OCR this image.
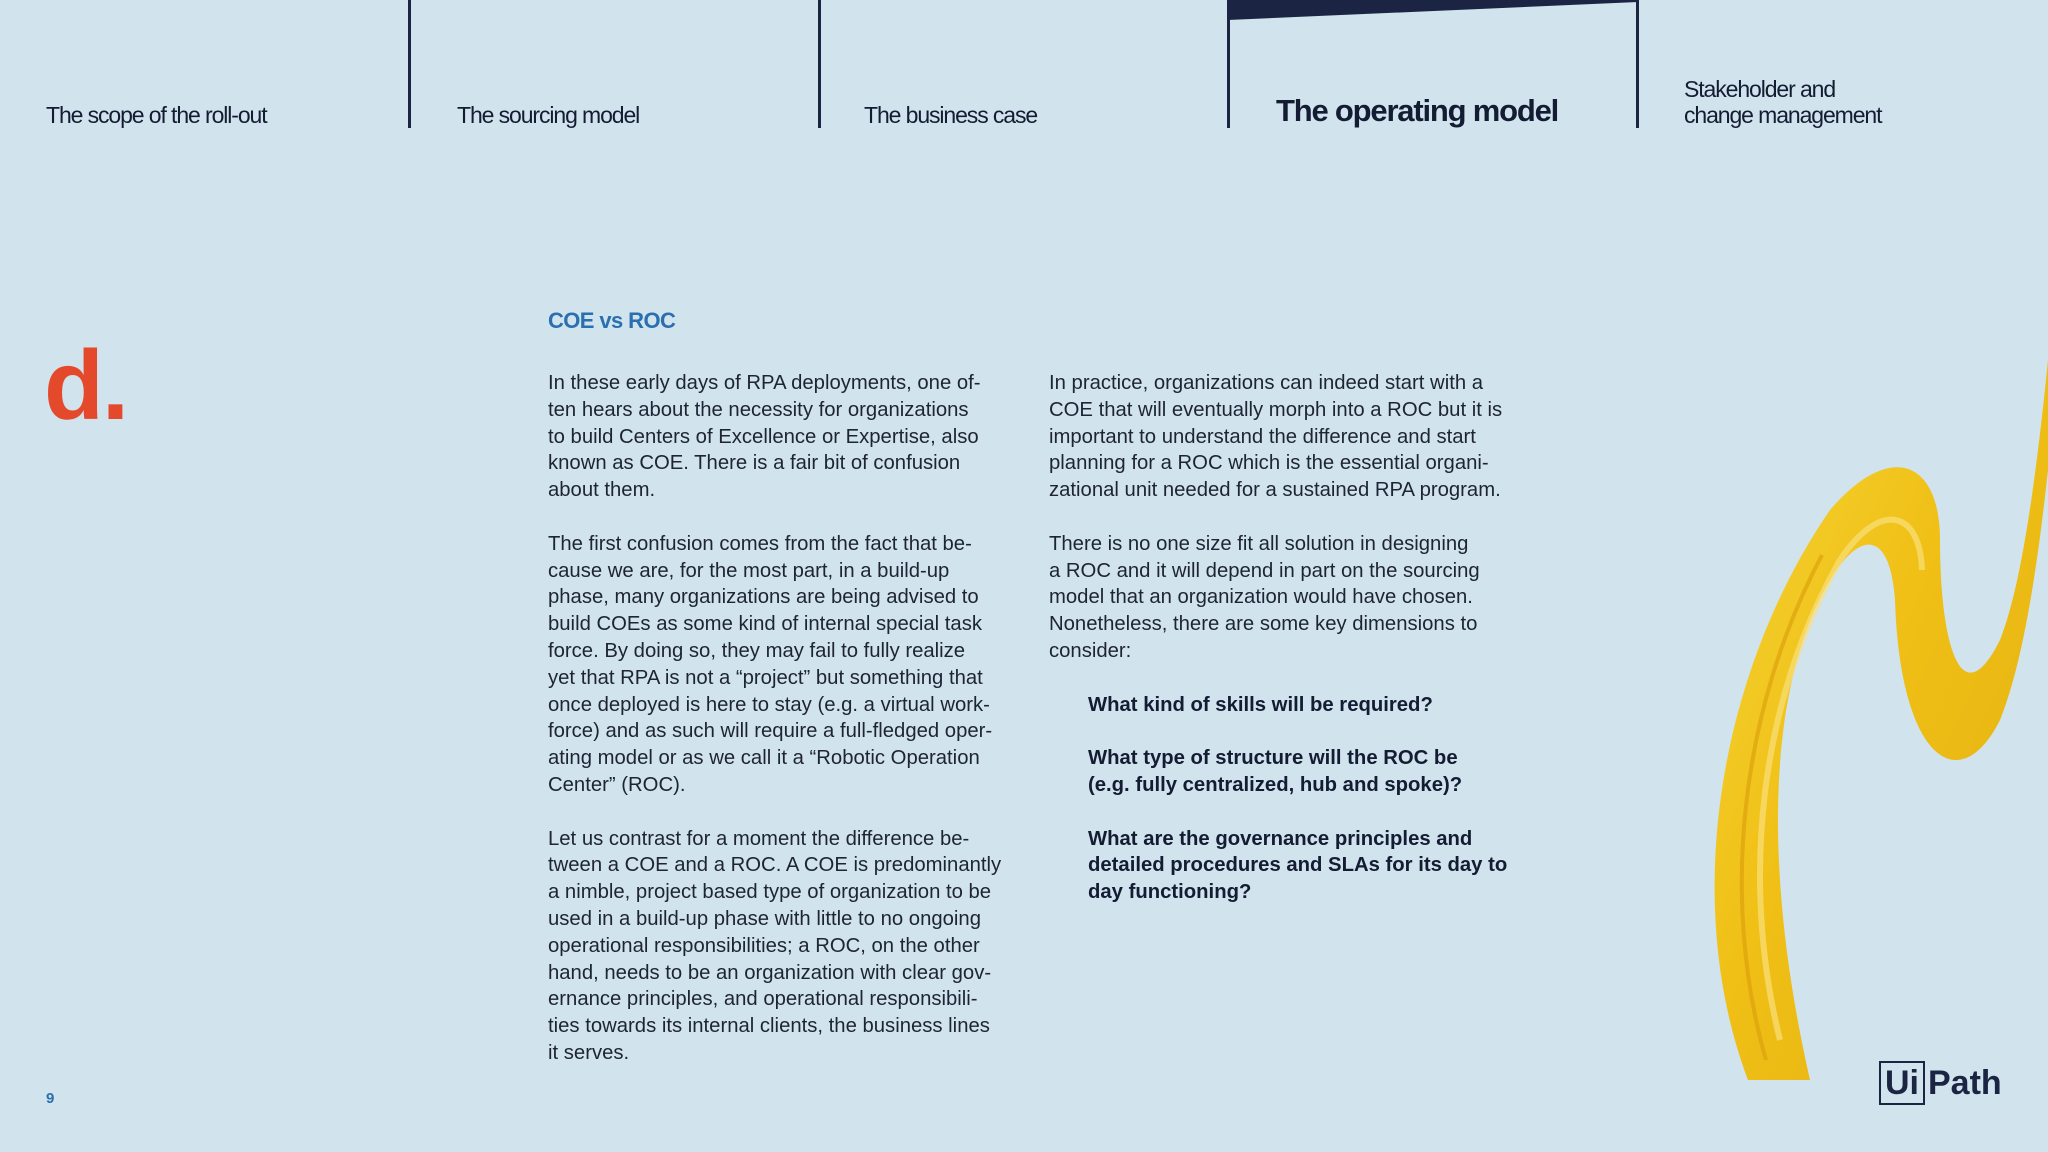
The scope of the roll-out	The sourcing model	The business case	The operating model
Stakeholder and
change management
d.
COE vs ROC

In these early days of RPA deployments, one of-
ten hears about the necessity for organizations
to build Centers of Excellence or Expertise, also
known as COE. There is a fair bit of confusion
about them.

The first confusion comes from the fact that be-
cause we are, for the most part, in a build-up
phase, many organizations are being advised to
build COEs as some kind of internal special task
force. By doing so, they may fail to fully realize
yet that RPA is not a “project” but something that
once deployed is here to stay (e.g. a virtual work-
force) and as such will require a full-fledged oper-
ating model or as we call it a “Robotic Operation
Center” (ROC).

Let us contrast for a moment the difference be-
tween a COE and a ROC. A COE is predominantly
a nimble, project based type of organization to be
used in a build-up phase with little to no ongoing
operational responsibilities; a ROC, on the other
hand, needs to be an organization with clear gov-
ernance principles, and operational responsibili-
ties towards its internal clients, the business lines
it serves.

In practice, organizations can indeed start with a
COE that will eventually morph into a ROC but it is
important to understand the difference and start
planning for a ROC which is the essential organi-
zational unit needed for a sustained RPA program.

There is no one size fit all solution in designing
a ROC and it will depend in part on the sourcing
model that an organization would have chosen.
Nonetheless, there are some key dimensions to
consider:

What kind of skills will be required?
What type of structure will the ROC be
(e.g. fully centralized, hub and spoke)?
What are the governance principles and
detailed procedures and SLAs for its day to
day functioning?
9	Ui Path
